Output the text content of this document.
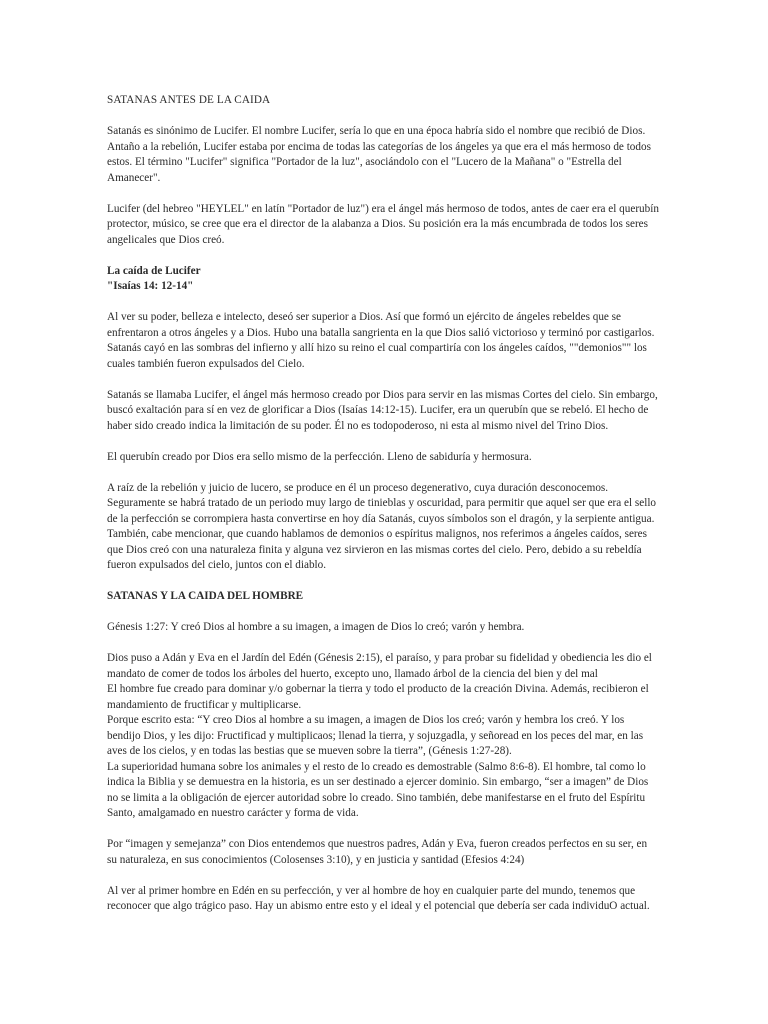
SATANAS ANTES DE LA CAIDA

Satanás es sinónimo de Lucifer. El nombre Lucifer, sería lo que en una época habría sido el nombre que recibió de Dios. Antaño a la rebelión, Lucifer estaba por encima de todas las categorías de los ángeles ya que era el más hermoso de todos estos. El término "Lucifer" significa "Portador de la luz", asociándolo con el "Lucero de la Mañana" o "Estrella del Amanecer".

Lucifer (del hebreo "HEYLEL" en latín "Portador de luz") era el ángel más hermoso de todos, antes de caer era el querubín protector, músico, se cree que era el director de la alabanza a Dios. Su posición era la más encumbrada de todos los seres angelicales que Dios creó.

La caída de Lucifer
"Isaías 14: 12-14"

Al ver su poder, belleza e intelecto, deseó ser superior a Dios. Así que formó un ejército de ángeles rebeldes que se enfrentaron a otros ángeles y a Dios. Hubo una batalla sangrienta en la que Dios salió victorioso y terminó por castigarlos.
Satanás cayó en las sombras del infierno y allí hizo su reino el cual compartiría con los ángeles caídos, ""demonios"" los cuales también fueron expulsados del Cielo.

Satanás se llamaba Lucifer, el ángel más hermoso creado por Dios para servir en las mismas Cortes del cielo. Sin embargo, buscó exaltación para sí en vez de glorificar a Dios (Isaías 14:12-15). Lucifer, era un querubín que se rebeló. El hecho de haber sido creado indica la limitación de su poder. Él no es todopoderoso, ni esta al mismo nivel del Trino Dios.

El querubín creado por Dios era sello mismo de la perfección. Lleno de sabiduría y hermosura.

A raíz de la rebelión y juicio de lucero, se produce en él un proceso degenerativo, cuya duración desconocemos. Seguramente se habrá tratado de un periodo muy largo de tinieblas y oscuridad, para permitir que aquel ser que era el sello de la perfección se corrompiera hasta convertirse en hoy día Satanás, cuyos símbolos son el dragón, y la serpiente antigua.
También, cabe mencionar, que cuando hablamos de demonios o espíritus malignos, nos referimos a ángeles caídos, seres que Dios creó con una naturaleza finita y alguna vez sirvieron en las mismas cortes del cielo. Pero, debido a su rebeldía fueron expulsados del cielo, juntos con el diablo.

SATANAS Y LA CAIDA DEL HOMBRE

Génesis 1:27: Y creó Dios al hombre a su imagen, a imagen de Dios lo creó; varón y hembra.

Dios puso a Adán y Eva en el Jardín del Edén (Génesis 2:15), el paraíso, y para probar su fidelidad y obediencia les dio el mandato de comer de todos los árboles del huerto, excepto uno, llamado árbol de la ciencia del bien y del mal
El hombre fue creado para dominar y/o gobernar la tierra y todo el producto de la creación Divina. Además, recibieron el mandamiento de fructificar y multiplicarse.
Porque escrito esta: “Y creo Dios al hombre a su imagen, a imagen de Dios los creó; varón y hembra los creó. Y los bendijo Dios, y les dijo: Fructificad y multiplicaos; llenad la tierra, y sojuzgadla, y señoread en los peces del mar, en las aves de los cielos, y en todas las bestias que se mueven sobre la tierra”, (Génesis 1:27-28).
La superioridad humana sobre los animales y el resto de lo creado es demostrable (Salmo 8:6-8). El hombre, tal como lo indica la Biblia y se demuestra en la historia, es un ser destinado a ejercer dominio. Sin embargo, “ser a imagen” de Dios no se limita a la obligación de ejercer autoridad sobre lo creado. Sino también, debe manifestarse en el fruto del Espíritu Santo, amalgamado en nuestro carácter y forma de vida.

Por “imagen y semejanza” con Dios entendemos que nuestros padres, Adán y Eva, fueron creados perfectos en su ser, en su naturaleza, en sus conocimientos (Colosenses 3:10), y en justicia y santidad (Efesios 4:24)

Al ver al primer hombre en Edén en su perfección, y ver al hombre de hoy en cualquier parte del mundo, tenemos que reconocer que algo trágico paso. Hay un abismo entre esto y el ideal y el potencial que debería ser cada individuO actual.
